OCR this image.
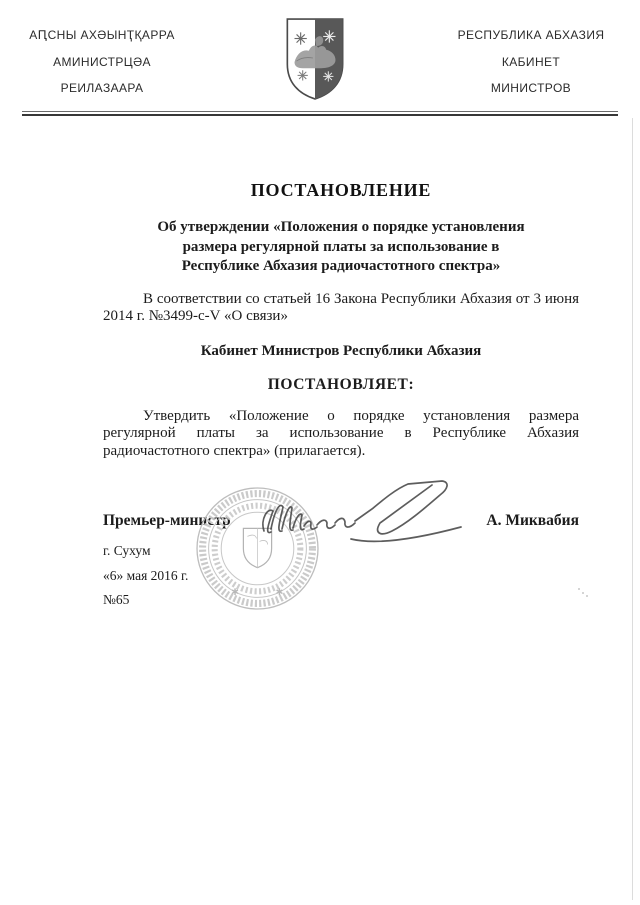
АԤСНЫ АХӘЫНҬҚАРРА
АМИНИСТРЦӘА
РЕИЛАЗААРА
РЕСПУБЛИКА АБХАЗИЯ
КАБИНЕТ
МИНИСТРОВ
ПОСТАНОВЛЕНИЕ
Об утверждении «Положения о порядке установления
размера регулярной платы за использование в
Республике Абхазия радиочастотного спектра»
В соответствии со статьей 16 Закона Республики Абхазия от 3 июня 2014 г. №3499-с-V «О связи»
Кабинет Министров Республики Абхазия
ПОСТАНОВЛЯЕТ:
Утвердить «Положение о порядке установления размера регулярной платы за использование в Республике Абхазия радиочастотного спектра» (прилагается).
Премьер-министр	А. Миквабия
г. Сухум
«6» мая 2016 г.
№65	✱	✱
